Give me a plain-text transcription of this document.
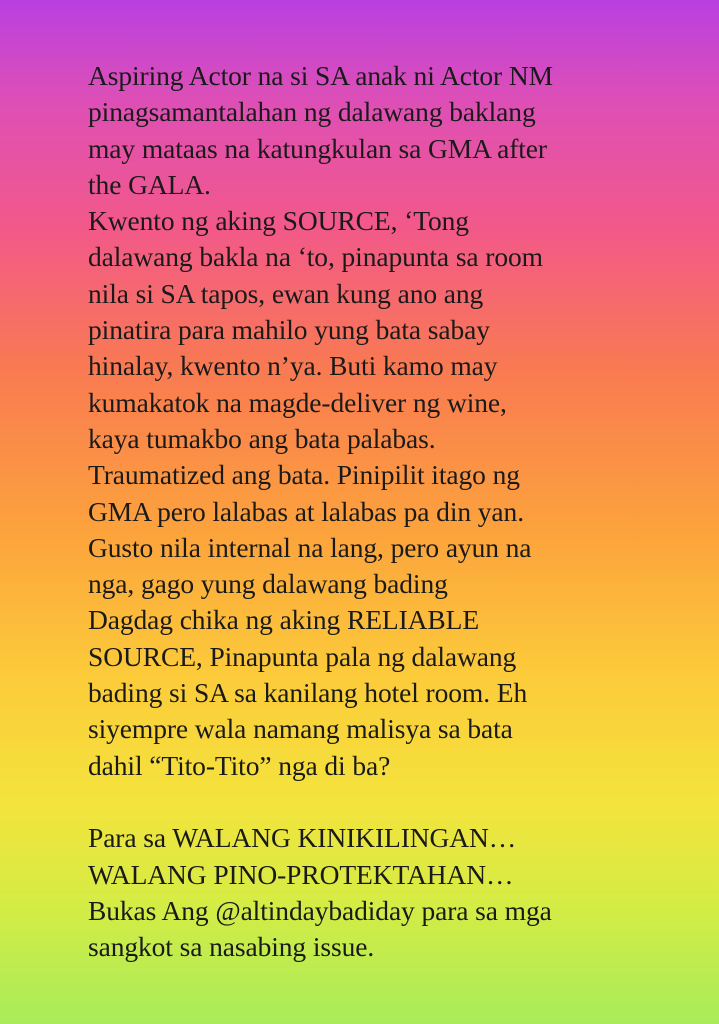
Aspiring Actor na si SA anak ni Actor NM
pinagsamantalahan ng dalawang baklang
may mataas na katungkulan sa GMA after
the GALA.
Kwento ng aking SOURCE, ‘Tong
dalawang bakla na ‘to, pinapunta sa room
nila si SA tapos, ewan kung ano ang
pinatira para mahilo yung bata sabay
hinalay, kwento n’ya. Buti kamo may
kumakatok na magde-deliver ng wine,
kaya tumakbo ang bata palabas.
Traumatized ang bata. Pinipilit itago ng
GMA pero lalabas at lalabas pa din yan.
Gusto nila internal na lang, pero ayun na
nga, gago yung dalawang bading
Dagdag chika ng aking RELIABLE
SOURCE, Pinapunta pala ng dalawang
bading si SA sa kanilang hotel room. Eh
siyempre wala namang malisya sa bata
dahil “Tito-Tito” nga di ba?
Para sa WALANG KINIKILINGAN…
WALANG PINO-PROTEKTAHAN…
Bukas Ang @altindaybadiday para sa mga
sangkot sa nasabing issue.
